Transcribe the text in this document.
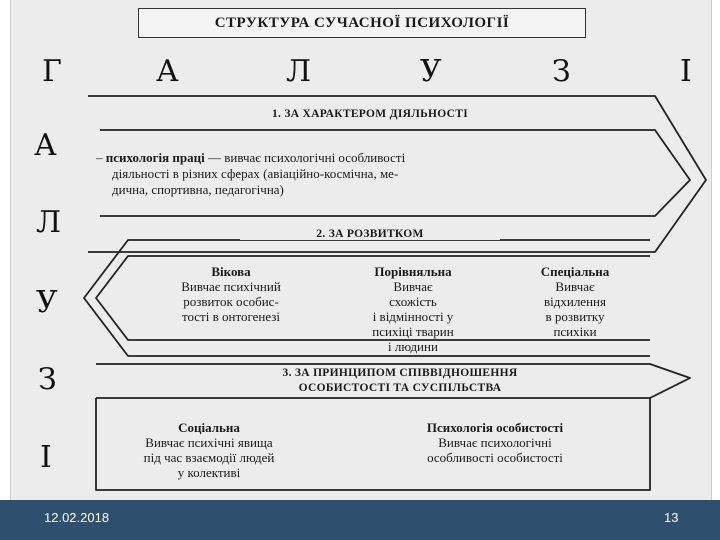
СТРУКТУРА СУЧАСНОЇ ПСИХОЛОГІЇ
Г	А	Л	У	З	І
А
Л
У
З
І
1. ЗА ХАРАКТЕРОМ ДІЯЛЬНОСТІ
– психологія праці — вивчає психологічні особливості
діяльності в різних сферах (авіаційно-космічна, ме-
дична, спортивна, педагогічна)
2. ЗА РОЗВИТКОМ
Вікова
Вивчає психічний
розвиток особис-
тості в онтогенезі
Порівняльна
Вивчає
схожість
і відмінності у
психіці тварин
і людини
Спеціальна
Вивчає
відхилення
в розвитку
психіки
3. ЗА ПРИНЦИПОМ СПІВВІДНОШЕННЯ
ОСОБИСТОСТІ ТА СУСПІЛЬСТВА
Соціальна
Вивчає психічні явища
під час взаємодії людей
у колективі
Психологія особистості
Вивчає психологічні
особливості особистості
12.02.2018	13
